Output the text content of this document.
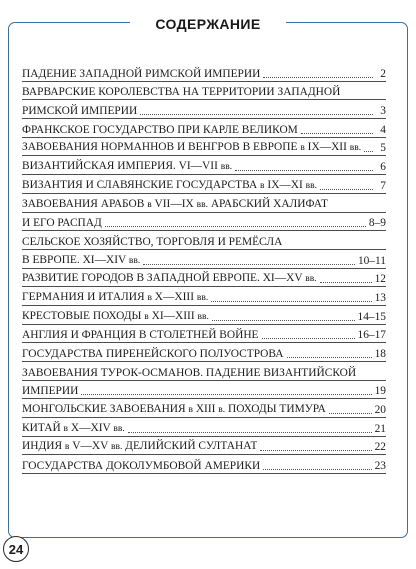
СОДЕРЖАНИЕ
ПАДЕНИЕ ЗАПАДНОЙ РИМСКОЙ ИМПЕРИИ	2
ВАРВАРСКИЕ КОРОЛЕВСТВА НА ТЕРРИТОРИИ ЗАПАДНОЙ
РИМСКОЙ ИМПЕРИИ	3
ФРАНКСКОЕ ГОСУДАРСТВО ПРИ КАРЛЕ ВЕЛИКОМ	4
ЗАВОЕВАНИЯ НОРМАННОВ И ВЕНГРОВ В ЕВРОПЕ в IX—XII вв.	5
ВИЗАНТИЙСКАЯ ИМПЕРИЯ. VI—VII вв.	6
ВИЗАНТИЯ И СЛАВЯНСКИЕ ГОСУДАРСТВА в IX—XI вв.	7
ЗАВОЕВАНИЯ АРАБОВ в VII—IX вв. АРАБСКИЙ ХАЛИФАТ
И ЕГО РАСПАД	8–9
СЕЛЬСКОЕ ХОЗЯЙСТВО, ТОРГОВЛЯ И РЕМЁСЛА
В ЕВРОПЕ. XI—XIV вв.	10–11
РАЗВИТИЕ ГОРОДОВ В ЗАПАДНОЙ ЕВРОПЕ. XI—XV вв.	12
ГЕРМАНИЯ И ИТАЛИЯ в X—XIII вв.	13
КРЕСТОВЫЕ ПОХОДЫ в XI—XIII вв.	14–15
АНГЛИЯ И ФРАНЦИЯ В СТОЛЕТНЕЙ ВОЙНЕ	16–17
ГОСУДАРСТВА ПИРЕНЕЙСКОГО ПОЛУОСТРОВА	18
ЗАВОЕВАНИЯ ТУРОК-ОСМАНОВ. ПАДЕНИЕ ВИЗАНТИЙСКОЙ
ИМПЕРИИ	19
МОНГОЛЬСКИЕ ЗАВОЕВАНИЯ в XIII в. ПОХОДЫ ТИМУРА	20
КИТАЙ в X—XIV вв.	21
ИНДИЯ в V—XV вв. ДЕЛИЙСКИЙ СУЛТАНАТ	22
ГОСУДАРСТВА ДОКОЛУМБОВОЙ АМЕРИКИ	23
24
